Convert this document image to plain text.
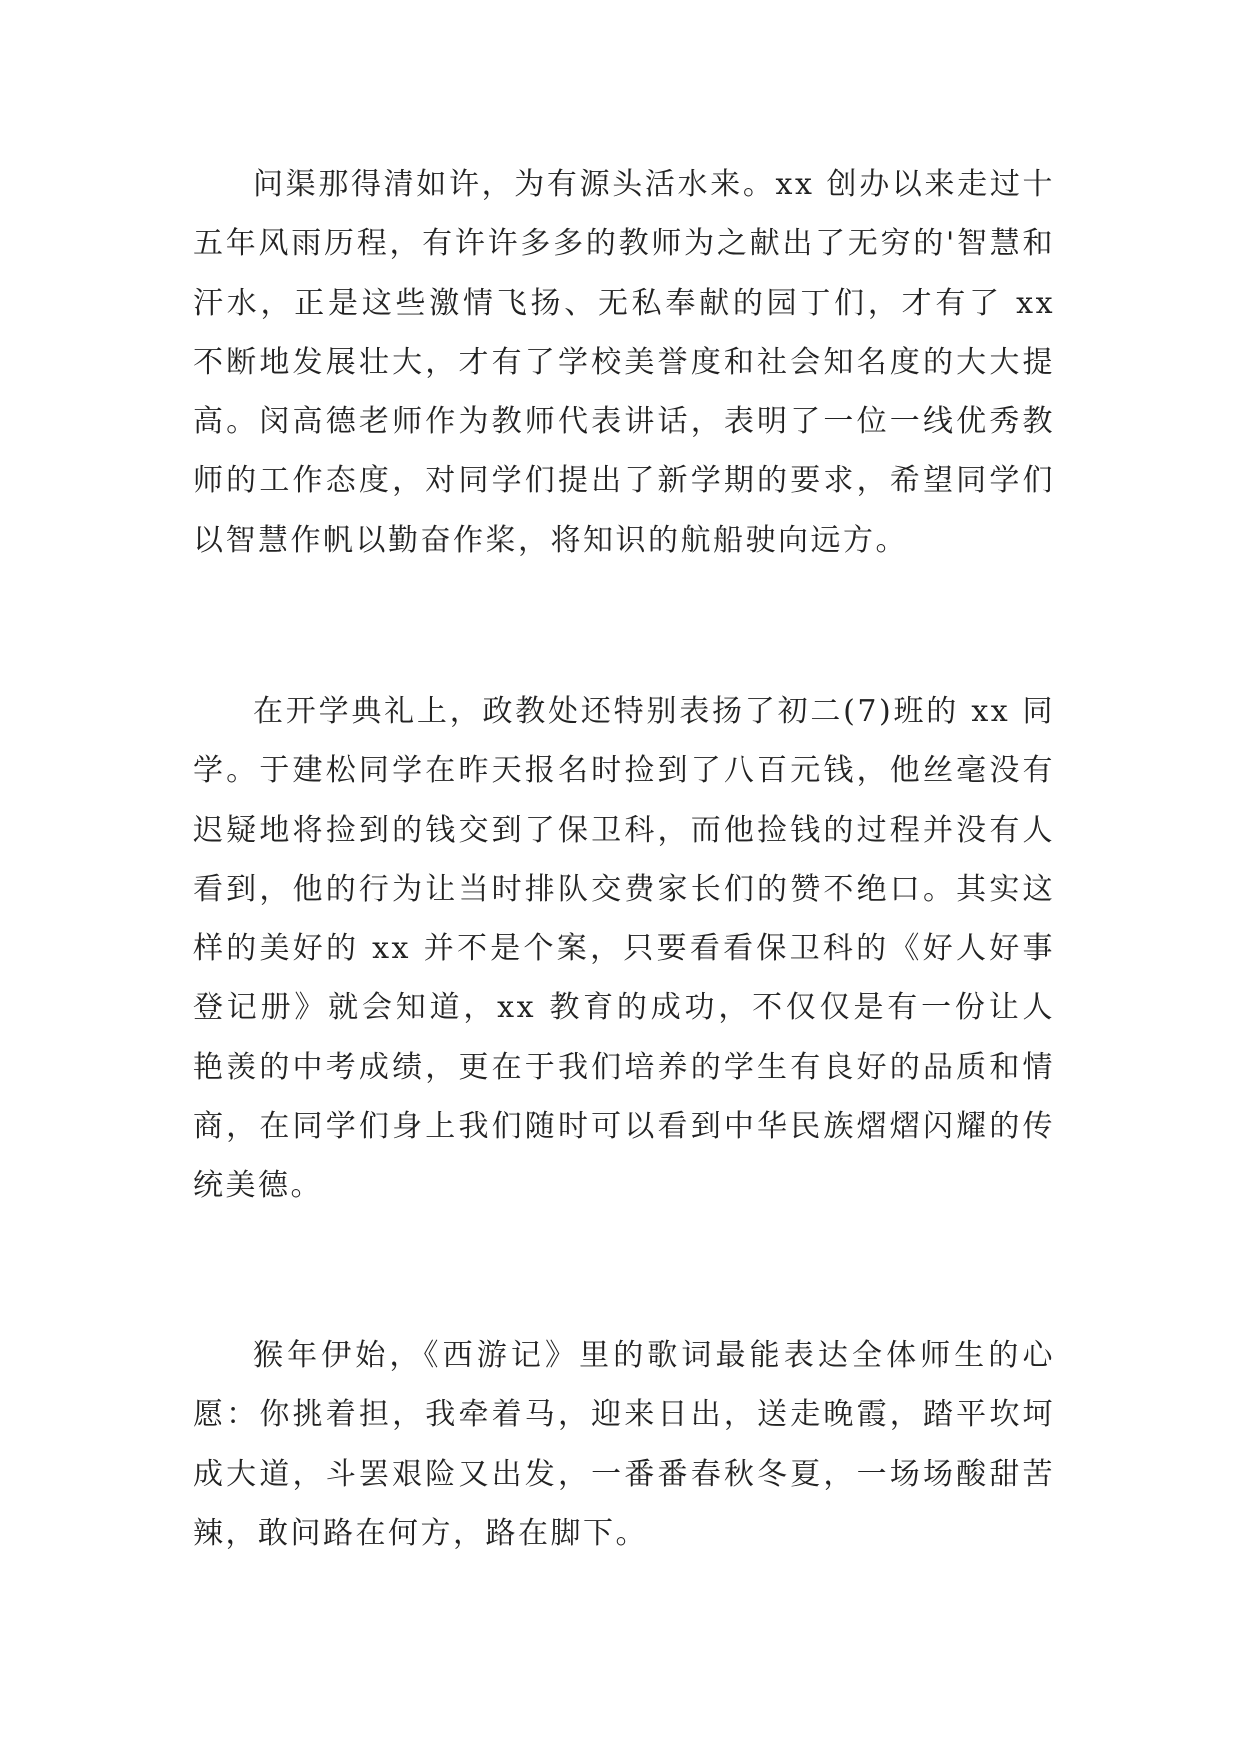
问渠那得清如许，为有源头活水来。xx 创办以来走过十五年风雨历程，有许许多多的教师为之献出了无穷的'智慧和汗水，正是这些激情飞扬、无私奉献的园丁们，才有了 xx 不断地发展壮大，才有了学校美誉度和社会知名度的大大提高。闵高德老师作为教师代表讲话，表明了一位一线优秀教师的工作态度，对同学们提出了新学期的要求，希望同学们以智慧作帆以勤奋作桨，将知识的航船驶向远方。

在开学典礼上，政教处还特别表扬了初二(7)班的 xx 同学。于建松同学在昨天报名时捡到了八百元钱，他丝毫没有迟疑地将捡到的钱交到了保卫科，而他捡钱的过程并没有人看到，他的行为让当时排队交费家长们的赞不绝口。其实这样的美好的 xx 并不是个案，只要看看保卫科的《好人好事登记册》就会知道，xx 教育的成功，不仅仅是有一份让人艳羡的中考成绩，更在于我们培养的学生有良好的品质和情商，在同学们身上我们随时可以看到中华民族熠熠闪耀的传统美德。

猴年伊始，《西游记》里的歌词最能表达全体师生的心愿：你挑着担，我牵着马，迎来日出，送走晚霞，踏平坎坷成大道，斗罢艰险又出发，一番番春秋冬夏，一场场酸甜苦辣，敢问路在何方，路在脚下。
